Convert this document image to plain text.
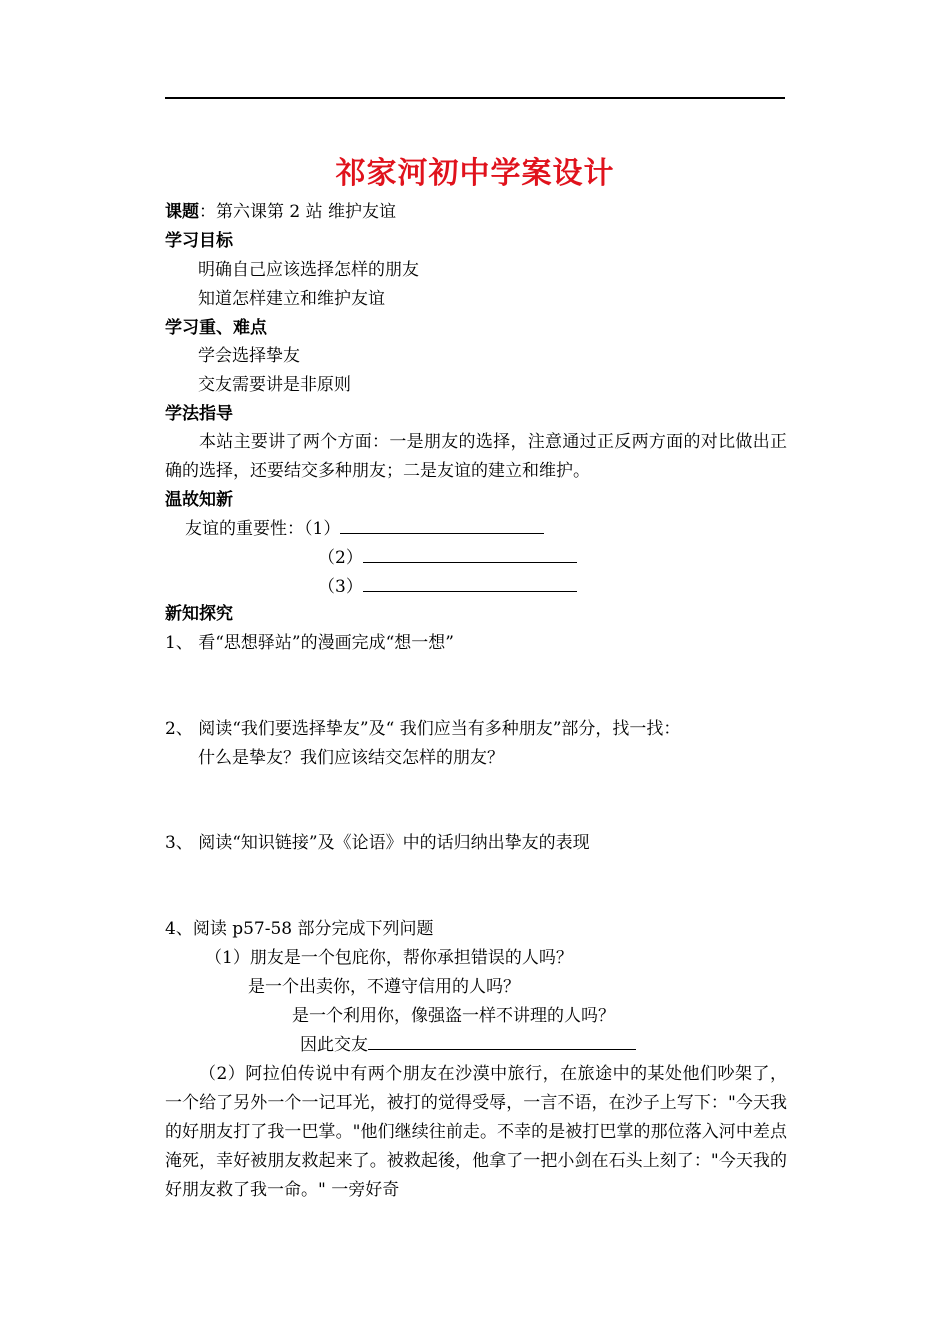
祁家河初中学案设计
课题：第六课第 2 站 维护友谊
学习目标
明确自己应该选择怎样的朋友
知道怎样建立和维护友谊
学习重、难点
学会选择挚友
交友需要讲是非原则
学法指导
本站主要讲了两个方面：一是朋友的选择，注意通过正反两方面的对比做出正确的选择，还要结交多种朋友；二是友谊的建立和维护。
温故知新
友谊的重要性：（1）
（2）
（3）
新知探究
1、 看“思想驿站”的漫画完成“想一想”
2、 阅读“我们要选择挚友”及“ 我们应当有多种朋友”部分，找一找：
什么是挚友？我们应该结交怎样的朋友？
3、 阅读“知识链接”及《论语》中的话归纳出挚友的表现
4、阅读 p57-58 部分完成下列问题
（1）朋友是一个包庇你，帮你承担错误的人吗？
是一个出卖你，不遵守信用的人吗？
是一个利用你，像强盗一样不讲理的人吗？
因此交友
（2）阿拉伯传说中有两个朋友在沙漠中旅行，在旅途中的某处他们吵架了，一个给了另外一个一记耳光，被打的觉得受辱，一言不语，在沙子上写下："今天我的好朋友打了我一巴掌。"他们继续往前走。不幸的是被打巴掌的那位落入河中差点淹死，幸好被朋友救起来了。被救起後，他拿了一把小剑在石头上刻了："今天我的好朋友救了我一命。" 一旁好奇
